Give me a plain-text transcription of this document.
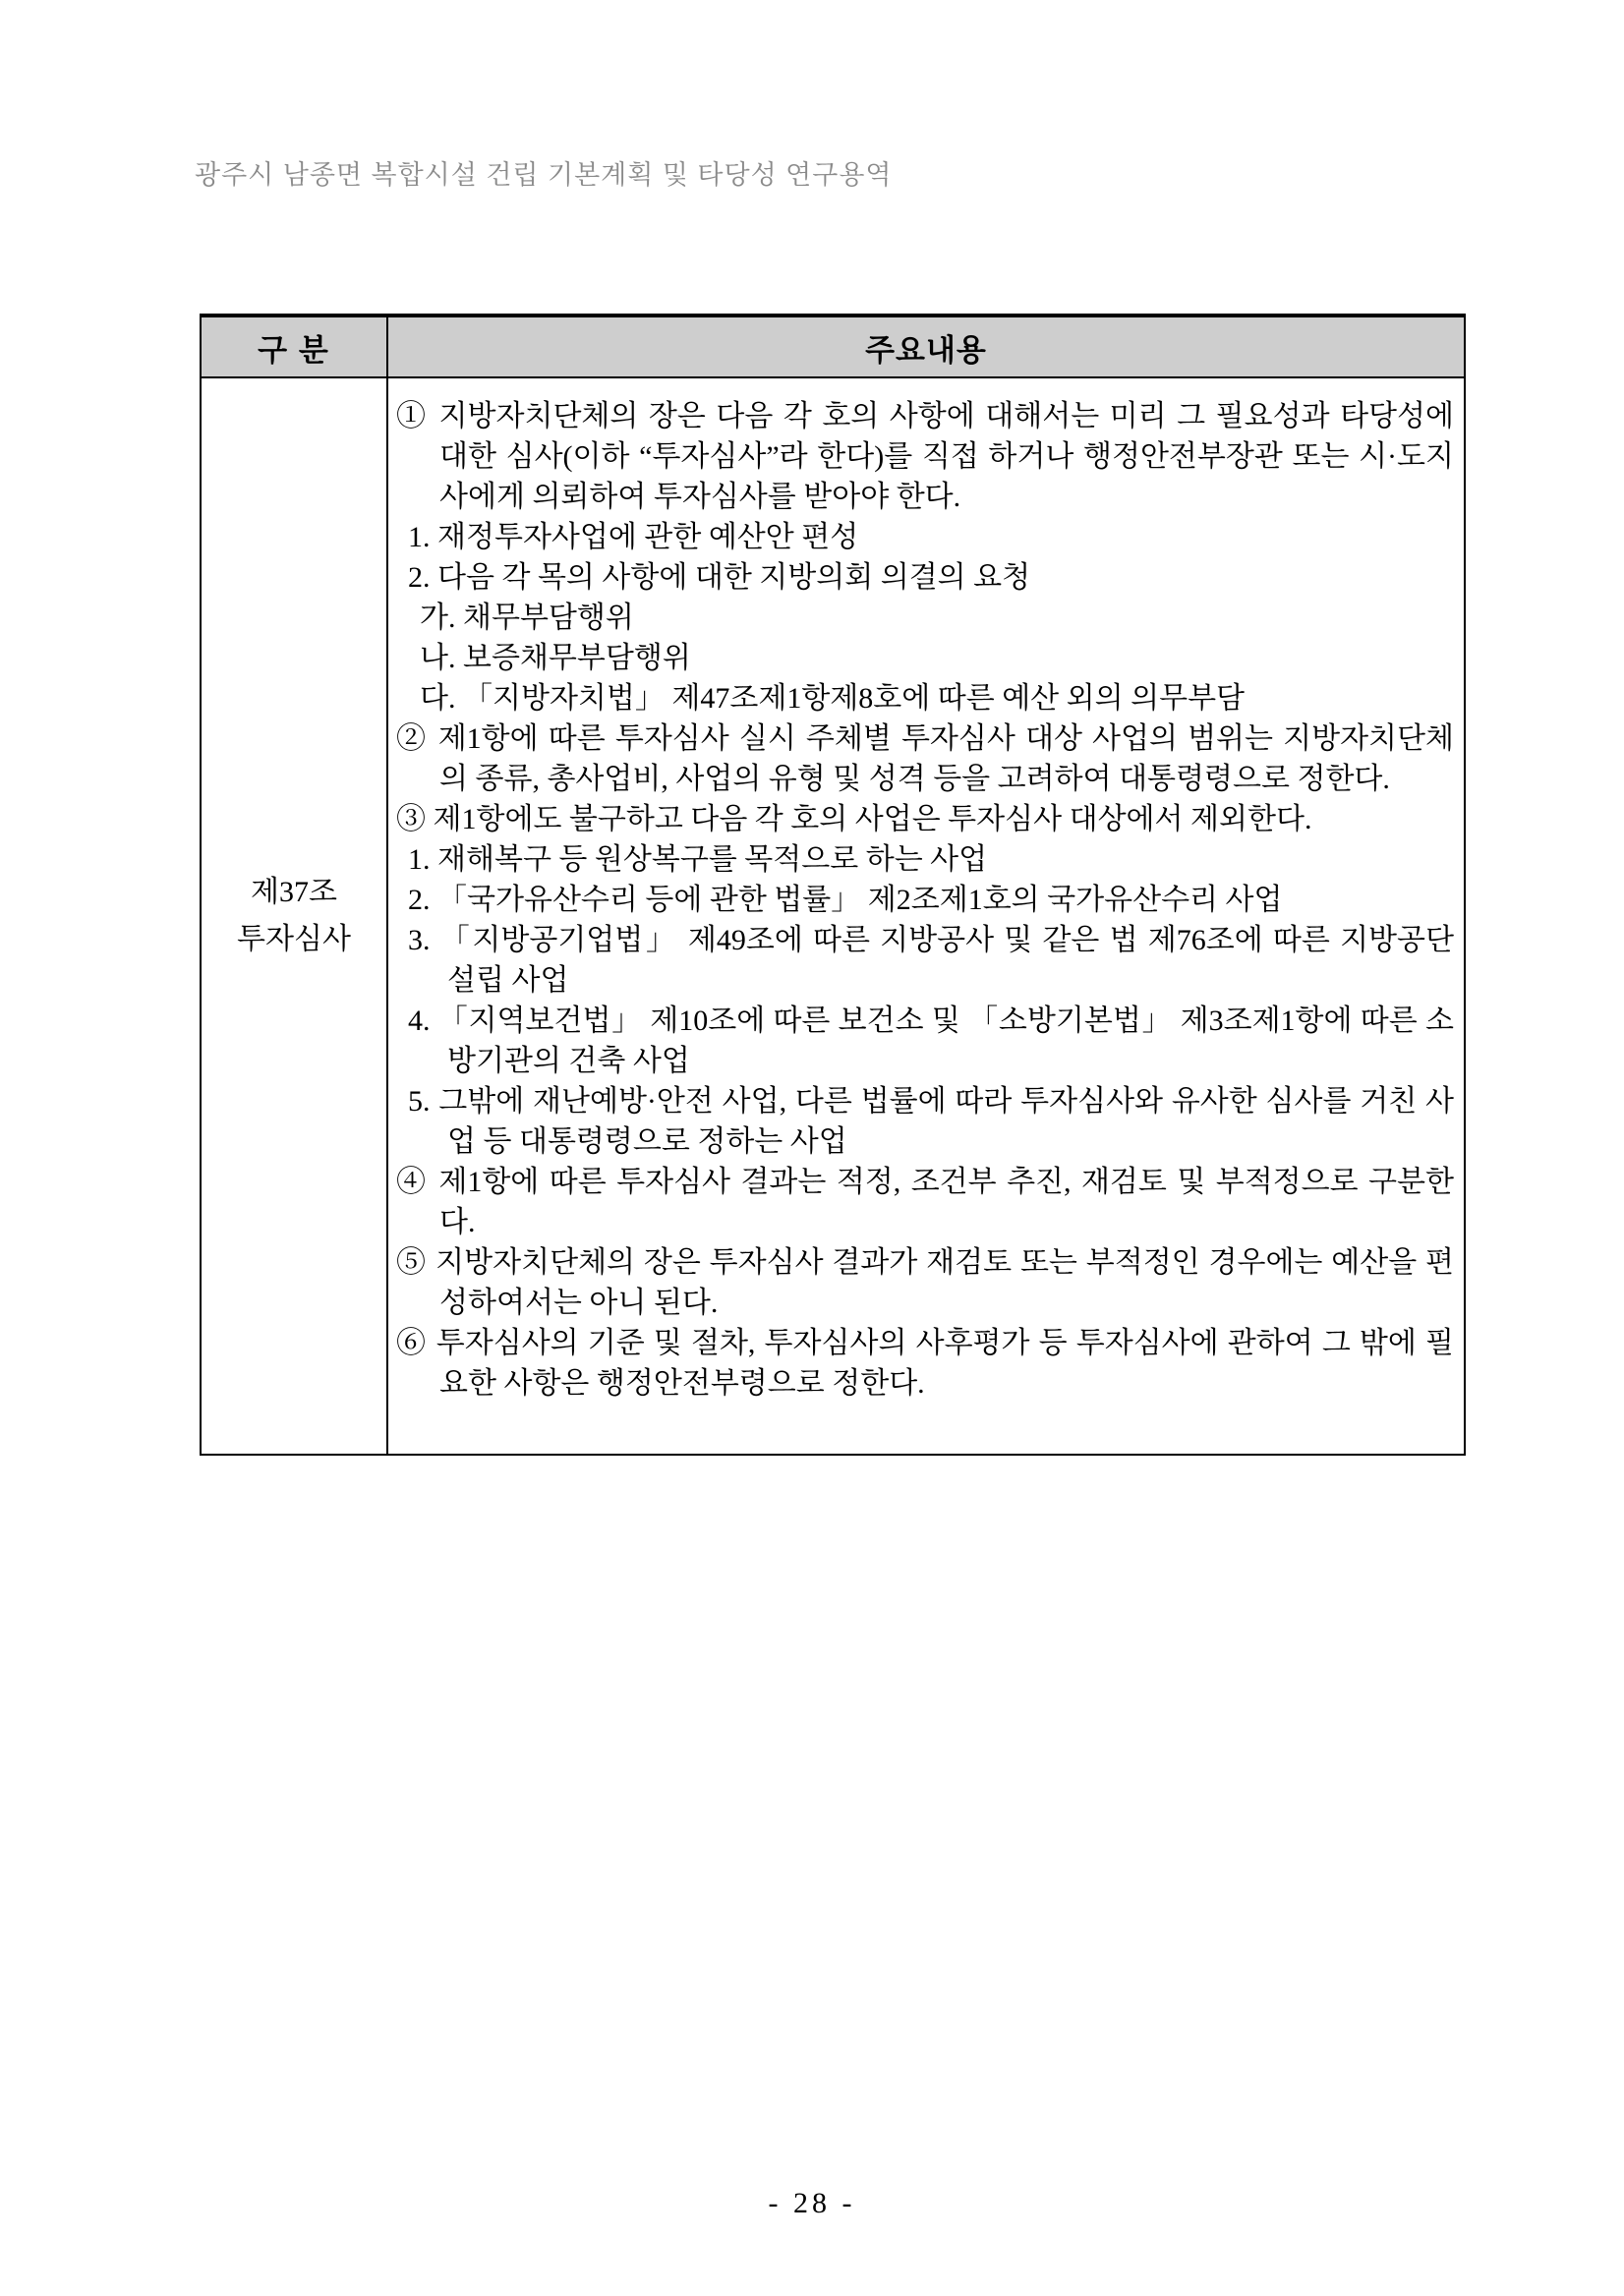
광주시 남종면 복합시설 건립 기본계획 및 타당성 연구용역
구 분	주요내용
제37조
투자심사
① 지방자치단체의 장은 다음 각 호의 사항에 대해서는 미리 그 필요성과 타당성에 대한 심사(이하 “투자심사”라 한다)를 직접 하거나 행정안전부장관 또는 시·도지사에게 의뢰하여 투자심사를 받아야 한다.
1. 재정투자사업에 관한 예산안 편성
2. 다음 각 목의 사항에 대한 지방의회 의결의 요청
가. 채무부담행위
나. 보증채무부담행위
다. 「지방자치법」 제47조제1항제8호에 따른 예산 외의 의무부담
② 제1항에 따른 투자심사 실시 주체별 투자심사 대상 사업의 범위는 지방자치단체의 종류, 총사업비, 사업의 유형 및 성격 등을 고려하여 대통령령으로 정한다.
③ 제1항에도 불구하고 다음 각 호의 사업은 투자심사 대상에서 제외한다.
1. 재해복구 등 원상복구를 목적으로 하는 사업
2. 「국가유산수리 등에 관한 법률」 제2조제1호의 국가유산수리 사업
3. 「지방공기업법」 제49조에 따른 지방공사 및 같은 법 제76조에 따른 지방공단 설립 사업
4. 「지역보건법」 제10조에 따른 보건소 및 「소방기본법」 제3조제1항에 따른 소방기관의 건축 사업
5. 그밖에 재난예방·안전 사업, 다른 법률에 따라 투자심사와 유사한 심사를 거친 사업 등 대통령령으로 정하는 사업
④ 제1항에 따른 투자심사 결과는 적정, 조건부 추진, 재검토 및 부적정으로 구분한다.
⑤ 지방자치단체의 장은 투자심사 결과가 재검토 또는 부적정인 경우에는 예산을 편성하여서는 아니 된다.
⑥ 투자심사의 기준 및 절차, 투자심사의 사후평가 등 투자심사에 관하여 그 밖에 필요한 사항은 행정안전부령으로 정한다.
- 28 -
